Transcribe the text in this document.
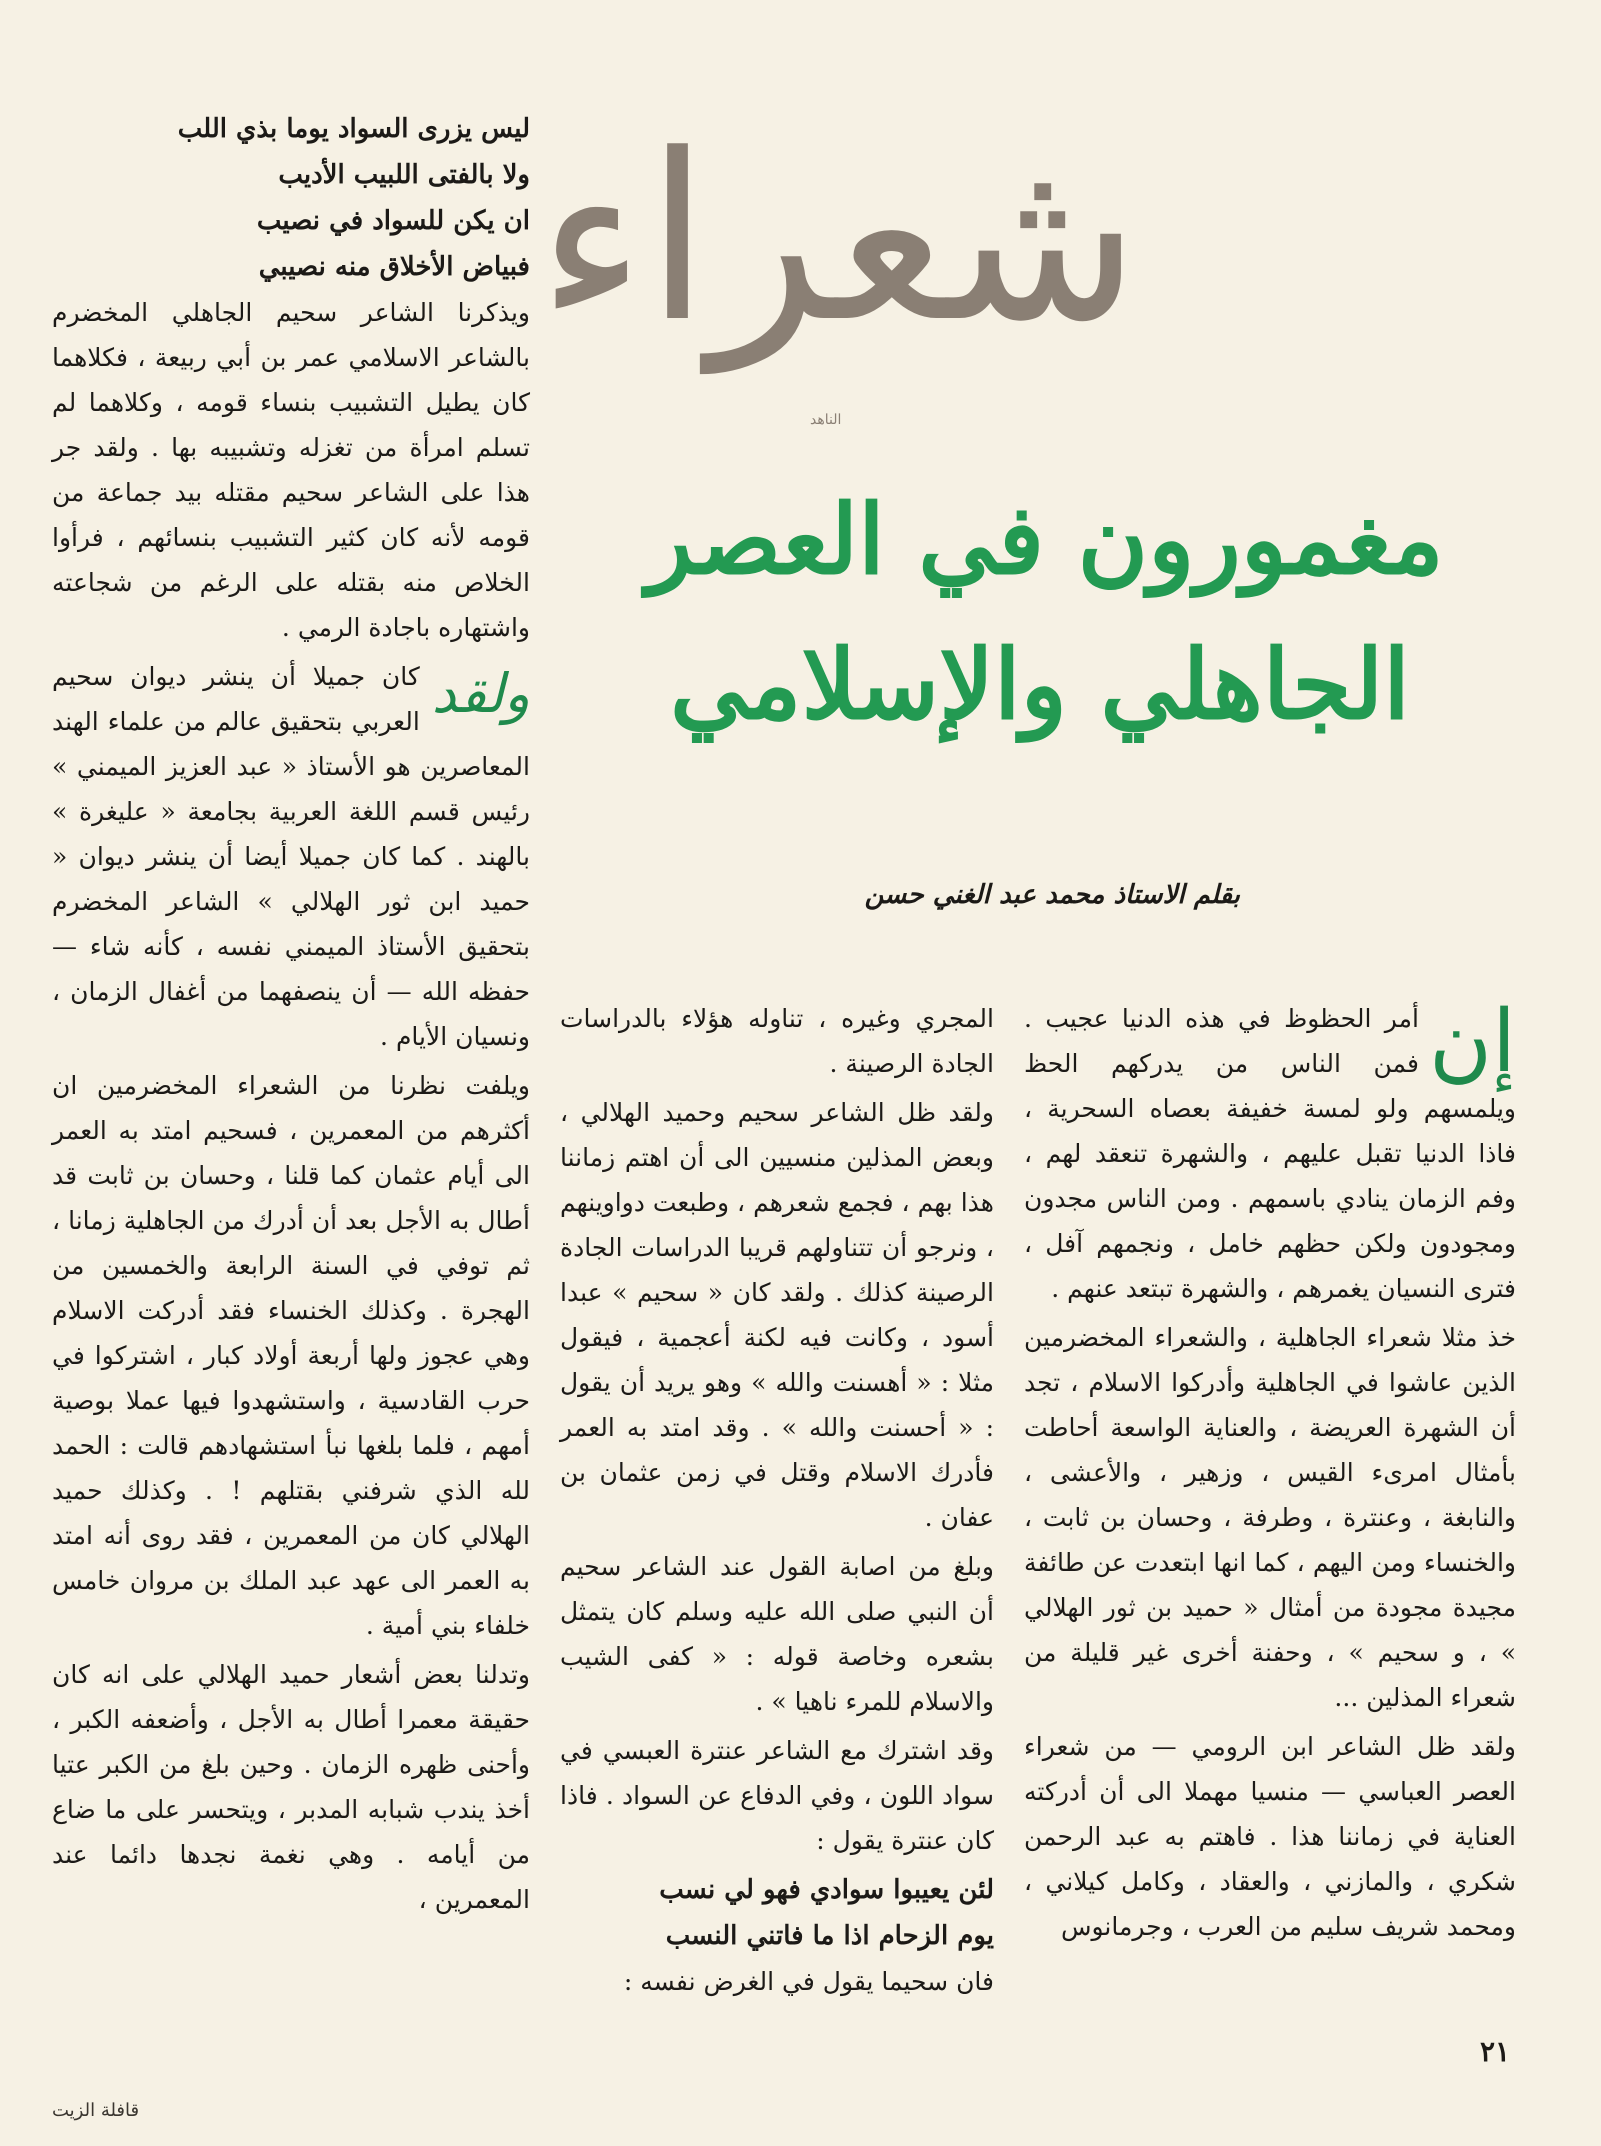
شعراء
الناهد
مغمورون في العصر
الجاهلي والإسلامي
بقلم الاستاذ محمد عبد الغني حسن

إن
أمر الحظوظ في هذه الدنيا عجيب . فمن الناس من يدركهم الحظ ويلمسهم ولو لمسة خفيفة بعصاه السحرية ، فاذا الدنيا تقبل عليهم ، والشهرة تنعقد لهم ، وفم الزمان ينادي باسمهم . ومن الناس مجدون ومجودون ولكن حظهم خامل ، ونجمهم آفل ، فترى النسيان يغمرهم ، والشهرة تبتعد عنهم .

خذ مثلا شعراء الجاهلية ، والشعراء المخضرمين الذين عاشوا في الجاهلية وأدركوا الاسلام ، تجد أن الشهرة العريضة ، والعناية الواسعة أحاطت بأمثال امرىء القيس ، وزهير ، والأعشى ، والنابغة ، وعنترة ، وطرفة ، وحسان بن ثابت ، والخنساء ومن اليهم ، كما انها ابتعدت عن طائفة مجيدة مجودة من أمثال « حميد بن ثور الهلالي » ، و سحيم » ، وحفنة أخرى غير قليلة من شعراء المذلين ...

ولقد ظل الشاعر ابن الرومي — من شعراء العصر العباسي — منسيا مهملا الى أن أدركته العناية في زماننا هذا . فاهتم به عبد الرحمن شكري ، والمازني ، والعقاد ، وكامل كيلاني ، ومحمد شريف سليم من العرب ، وجرمانوس

المجري وغيره ، تناوله هؤلاء بالدراسات الجادة الرصينة .

ولقد ظل الشاعر سحيم وحميد الهلالي ، وبعض المذلين منسيين الى أن اهتم زماننا هذا بهم ، فجمع شعرهم ، وطبعت دواوينهم ، ونرجو أن تتناولهم قريبا الدراسات الجادة الرصينة كذلك . ولقد كان « سحيم » عبدا أسود ، وكانت فيه لكنة أعجمية ، فيقول مثلا : « أهسنت والله » وهو يريد أن يقول : « أحسنت والله » . وقد امتد به العمر فأدرك الاسلام وقتل في زمن عثمان بن عفان .

وبلغ من اصابة القول عند الشاعر سحيم أن النبي صلى الله عليه وسلم كان يتمثل بشعره وخاصة قوله : « كفى الشيب والاسلام للمرء ناهيا » .

وقد اشترك مع الشاعر عنترة العبسي في سواد اللون ، وفي الدفاع عن السواد . فاذا كان عنترة يقول :

لئن يعيبوا سوادي فهو لي نسب
يوم الزحام اذا ما فاتني النسب

فان سحيما يقول في الغرض نفسه :

ليس يزرى السواد يوما بذي اللب
ولا بالفتى اللبيب الأديب
ان يكن للسواد في نصيب
فبياض الأخلاق منه نصيبي

ويذكرنا الشاعر سحيم الجاهلي المخضرم بالشاعر الاسلامي عمر بن أبي ربيعة ، فكلاهما كان يطيل التشبيب بنساء قومه ، وكلاهما لم تسلم امرأة من تغزله وتشبيبه بها . ولقد جر هذا على الشاعر سحيم مقتله بيد جماعة من قومه لأنه كان كثير التشبيب بنسائهم ، فرأوا الخلاص منه بقتله على الرغم من شجاعته واشتهاره باجادة الرمي .

ولقد
كان جميلا أن ينشر ديوان سحيم العربي بتحقيق عالم من علماء الهند المعاصرين هو الأستاذ « عبد العزيز الميمني » رئيس قسم اللغة العربية بجامعة « عليغرة » بالهند . كما كان جميلا أيضا أن ينشر ديوان « حميد ابن ثور الهلالي » الشاعر المخضرم بتحقيق الأستاذ الميمني نفسه ، كأنه شاء — حفظه الله — أن ينصفهما من أغفال الزمان ، ونسيان الأيام .

ويلفت نظرنا من الشعراء المخضرمين ان أكثرهم من المعمرين ، فسحيم امتد به العمر الى أيام عثمان كما قلنا ، وحسان بن ثابت قد أطال به الأجل بعد أن أدرك من الجاهلية زمانا ، ثم توفي في السنة الرابعة والخمسين من الهجرة . وكذلك الخنساء فقد أدركت الاسلام وهي عجوز ولها أربعة أولاد كبار ، اشتركوا في حرب القادسية ، واستشهدوا فيها عملا بوصية أمهم ، فلما بلغها نبأ استشهادهم قالت : الحمد لله الذي شرفني بقتلهم ! . وكذلك حميد الهلالي كان من المعمرين ، فقد روى أنه امتد به العمر الى عهد عبد الملك بن مروان خامس خلفاء بني أمية .

وتدلنا بعض أشعار حميد الهلالي على انه كان حقيقة معمرا أطال به الأجل ، وأضعفه الكبر ، وأحنى ظهره الزمان . وحين بلغ من الكبر عتيا أخذ يندب شبابه المدبر ، ويتحسر على ما ضاع من أيامه . وهي نغمة نجدها دائما عند المعمرين ،

٢١
قافلة الزيت
